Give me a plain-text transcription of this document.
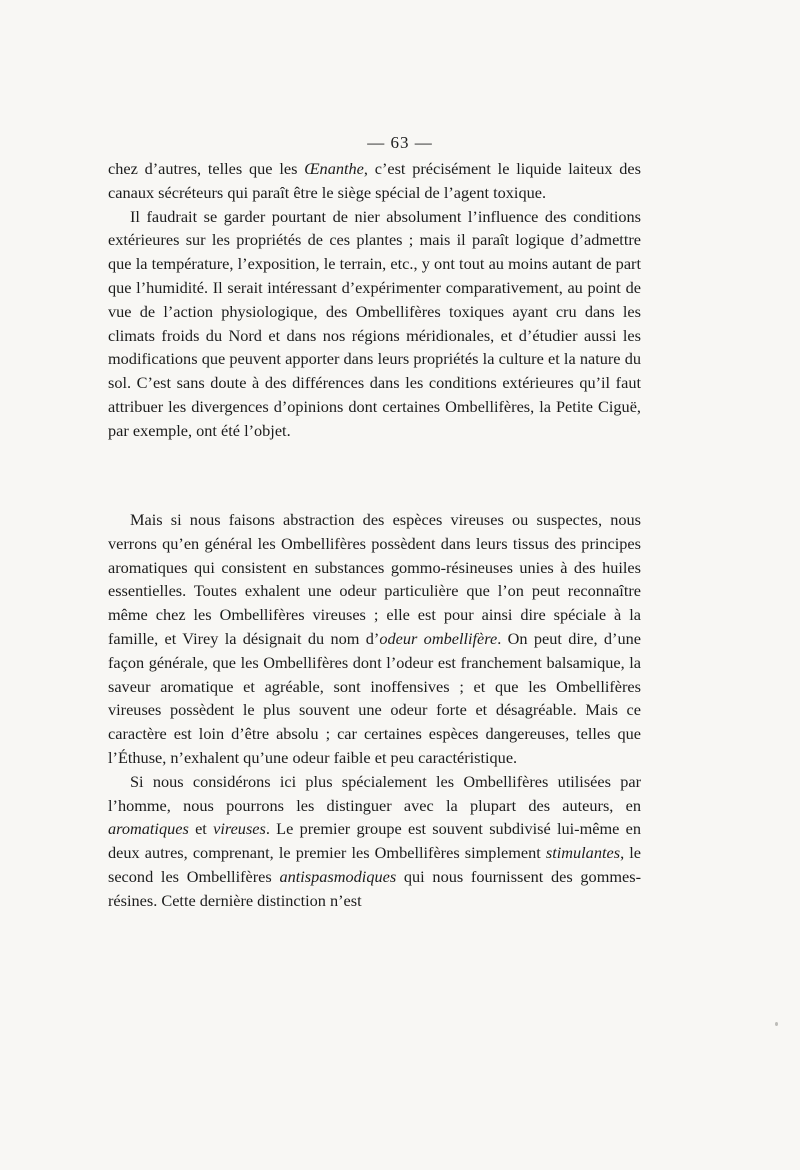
— 63 —

chez d’autres, telles que les Œnanthe, c’est précisément le liquide laiteux des canaux sécréteurs qui paraît être le siège spécial de l’agent toxique.

Il faudrait se garder pourtant de nier absolument l’influence des conditions extérieures sur les propriétés de ces plantes ; mais il paraît logique d’admettre que la température, l’exposition, le terrain, etc., y ont tout au moins autant de part que l’humidité. Il serait intéressant d’expérimenter comparativement, au point de vue de l’action physiologique, des Ombellifères toxiques ayant cru dans les climats froids du Nord et dans nos régions méridionales, et d’étudier aussi les modifications que peuvent apporter dans leurs propriétés la culture et la nature du sol. C’est sans doute à des différences dans les conditions extérieures qu’il faut attribuer les divergences d’opinions dont certaines Ombellifères, la Petite Ciguë, par exemple, ont été l’objet.

Mais si nous faisons abstraction des espèces vireuses ou suspectes, nous verrons qu’en général les Ombellifères possèdent dans leurs tissus des principes aromatiques qui consistent en substances gommo-résineuses unies à des huiles essentielles. Toutes exhalent une odeur particulière que l’on peut reconnaître même chez les Ombellifères vireuses ; elle est pour ainsi dire spéciale à la famille, et Virey la désignait du nom d’odeur ombellifère. On peut dire, d’une façon générale, que les Ombellifères dont l’odeur est franchement balsamique, la saveur aromatique et agréable, sont inoffensives ; et que les Ombellifères vireuses possèdent le plus souvent une odeur forte et désagréable. Mais ce caractère est loin d’être absolu ; car certaines espèces dangereuses, telles que l’Éthuse, n’exhalent qu’une odeur faible et peu caractéristique.

Si nous considérons ici plus spécialement les Ombellifères utilisées par l’homme, nous pourrons les distinguer avec la plupart des auteurs, en aromatiques et vireuses. Le premier groupe est souvent subdivisé lui-même en deux autres, comprenant, le premier les Ombellifères simplement stimulantes, le second les Ombellifères antispasmodiques qui nous fournissent des gommes-résines. Cette dernière distinction n’est
